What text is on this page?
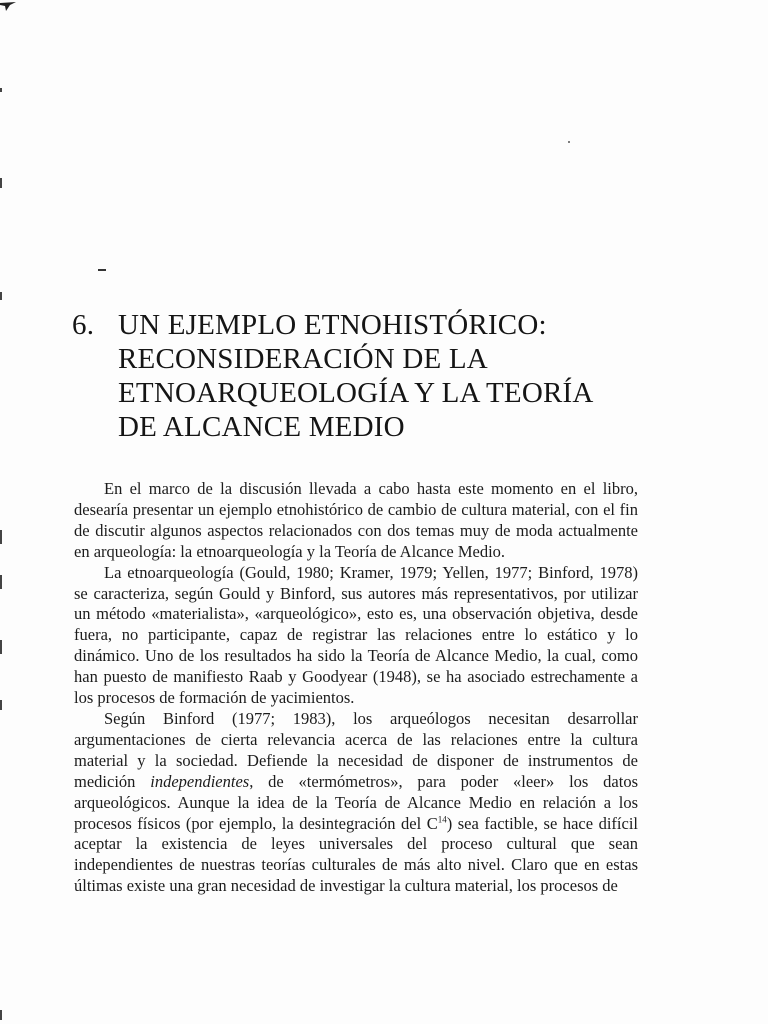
6. UN EJEMPLO ETNOHISTÓRICO:
RECONSIDERACIÓN DE LA
ETNOARQUEOLOGÍA Y LA TEORÍA
DE ALCANCE MEDIO

En el marco de la discusión llevada a cabo hasta este momento en el libro, desearía presentar un ejemplo etnohistórico de cambio de cultura material, con el fin de discutir algunos aspectos relacionados con dos temas muy de moda actualmente en arqueología: la etnoarqueología y la Teoría de Alcance Medio.

La etnoarqueología (Gould, 1980; Kramer, 1979; Yellen, 1977; Binford, 1978) se caracteriza, según Gould y Binford, sus autores más representativos, por utilizar un método «materialista», «arqueológico», esto es, una observación objetiva, desde fuera, no participante, capaz de registrar las relaciones entre lo estático y lo dinámico. Uno de los resultados ha sido la Teoría de Alcance Medio, la cual, como han puesto de manifiesto Raab y Goodyear (1948), se ha asociado estrechamente a los procesos de formación de yacimientos.

Según Binford (1977; 1983), los arqueólogos necesitan desarrollar argumentaciones de cierta relevancia acerca de las relaciones entre la cultura material y la sociedad. Defiende la necesidad de disponer de instrumentos de medición independientes, de «termómetros», para poder «leer» los datos arqueológicos. Aunque la idea de la Teoría de Alcance Medio en relación a los procesos físicos (por ejemplo, la desintegración del $C^{14}$) sea factible, se hace difícil aceptar la existencia de leyes universales del proceso cultural que sean independientes de nuestras teorías culturales de más alto nivel. Claro que en estas últimas existe una gran necesidad de investigar la cultura material, los procesos de
